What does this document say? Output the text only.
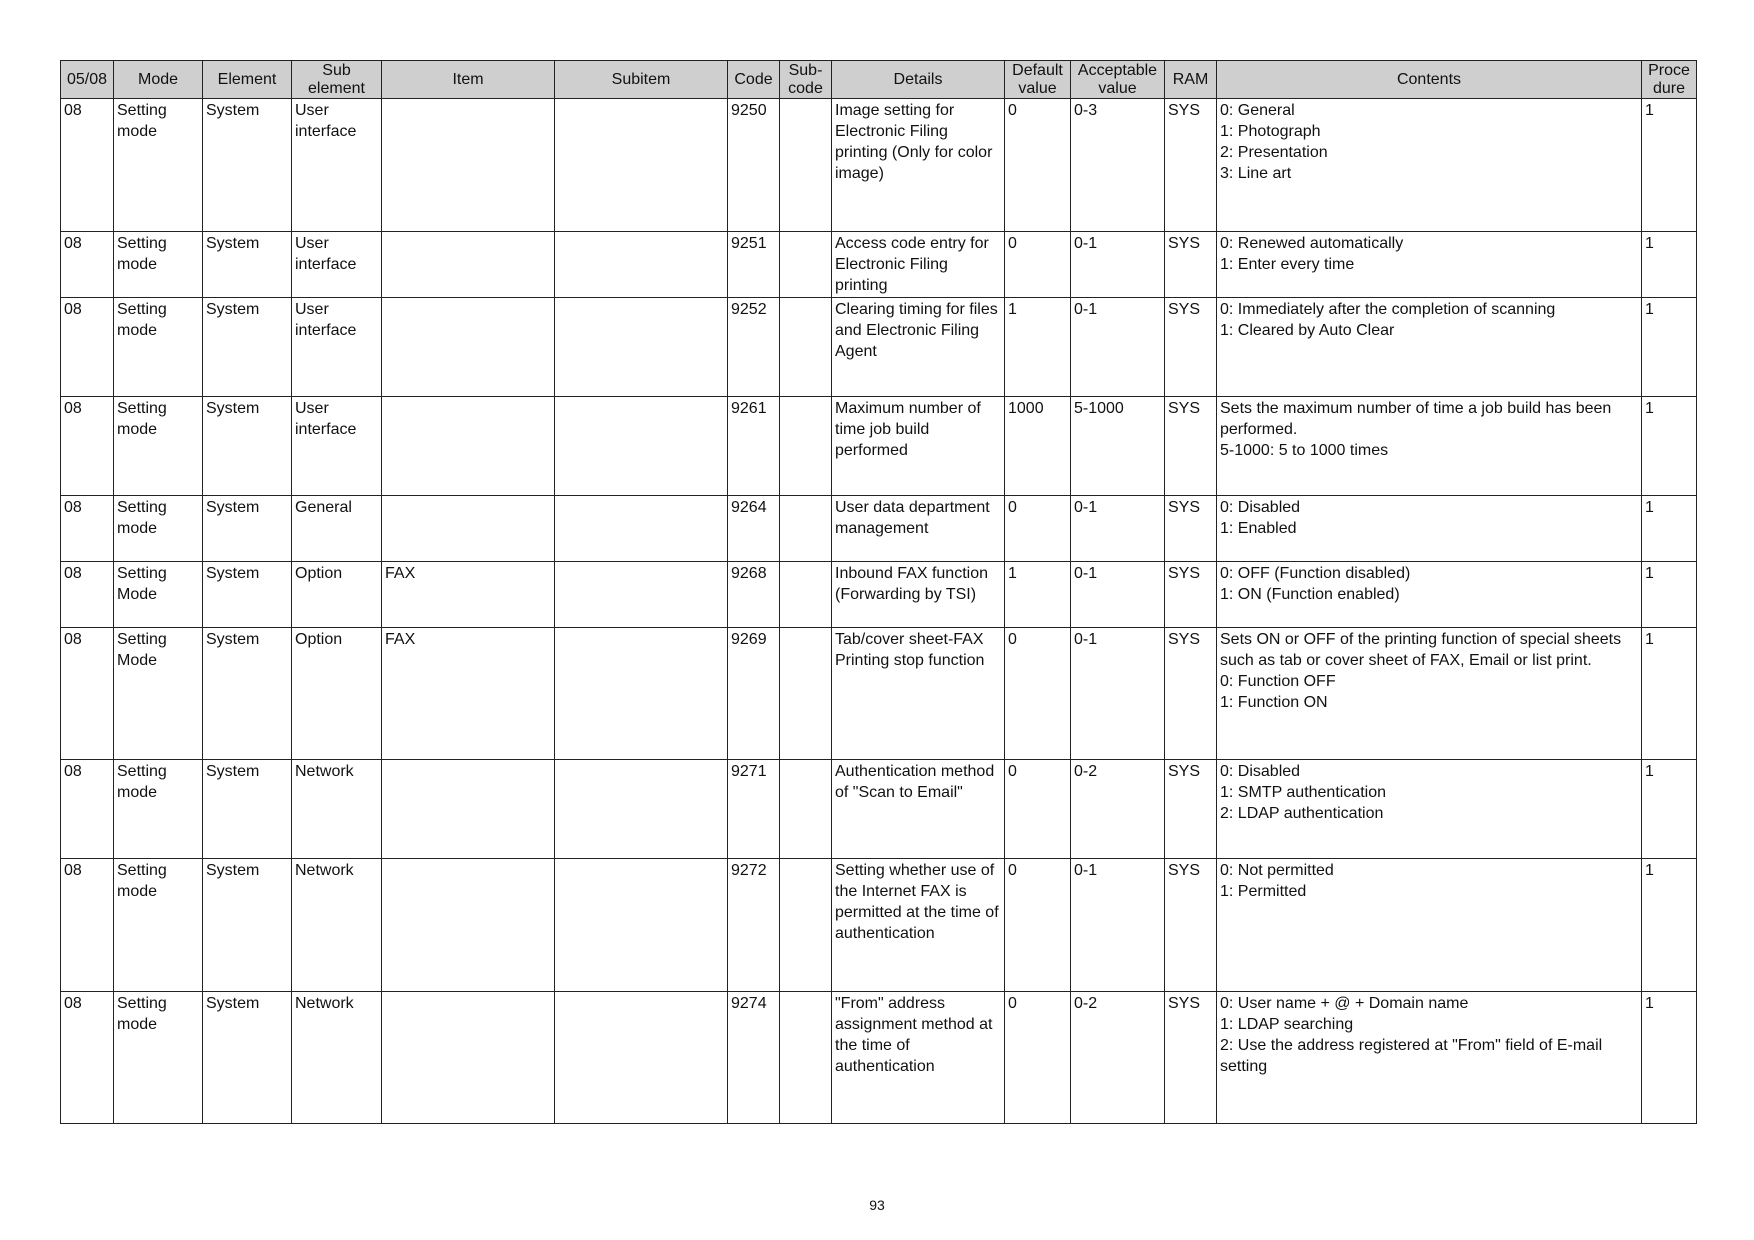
05/08	Mode	Element	Sub element	Item	Subitem	Code	Sub-code	Details	Default value	Acceptable value	RAM	Contents	Proce dure
08	Setting mode	System	User interface			9250		Image setting for Electronic Filing printing (Only for color image)	0	0-3	SYS	0: General
1: Photograph
2: Presentation
3: Line art	1
08	Setting mode	System	User interface			9251		Access code entry for Electronic Filing printing	0	0-1	SYS	0: Renewed automatically
1: Enter every time	1
08	Setting mode	System	User interface			9252		Clearing timing for files and Electronic Filing Agent	1	0-1	SYS	0: Immediately after the completion of scanning
1: Cleared by Auto Clear	1
08	Setting mode	System	User interface			9261		Maximum number of time job build performed	1000	5-1000	SYS	Sets the maximum number of time a job build has been performed.
5-1000: 5 to 1000 times	1
08	Setting mode	System	General			9264		User data department management	0	0-1	SYS	0: Disabled
1: Enabled	1
08	Setting Mode	System	Option	FAX		9268		Inbound FAX function (Forwarding by TSI)	1	0-1	SYS	0: OFF (Function disabled)
1: ON (Function enabled)	1
08	Setting Mode	System	Option	FAX		9269		Tab/cover sheet-FAX Printing stop function	0	0-1	SYS	Sets ON or OFF of the printing function of special sheets such as tab or cover sheet of FAX, Email or list print.
0: Function OFF
1: Function ON	1
08	Setting mode	System	Network			9271		Authentication method of "Scan to Email"	0	0-2	SYS	0: Disabled
1: SMTP authentication
2: LDAP authentication	1
08	Setting mode	System	Network			9272		Setting whether use of the Internet FAX is permitted at the time of authentication	0	0-1	SYS	0: Not permitted
1: Permitted	1
08	Setting mode	System	Network			9274		"From" address assignment method at the time of authentication	0	0-2	SYS	0: User name + @ + Domain name
1: LDAP searching
2: Use the address registered at "From" field of E-mail setting	1
93
